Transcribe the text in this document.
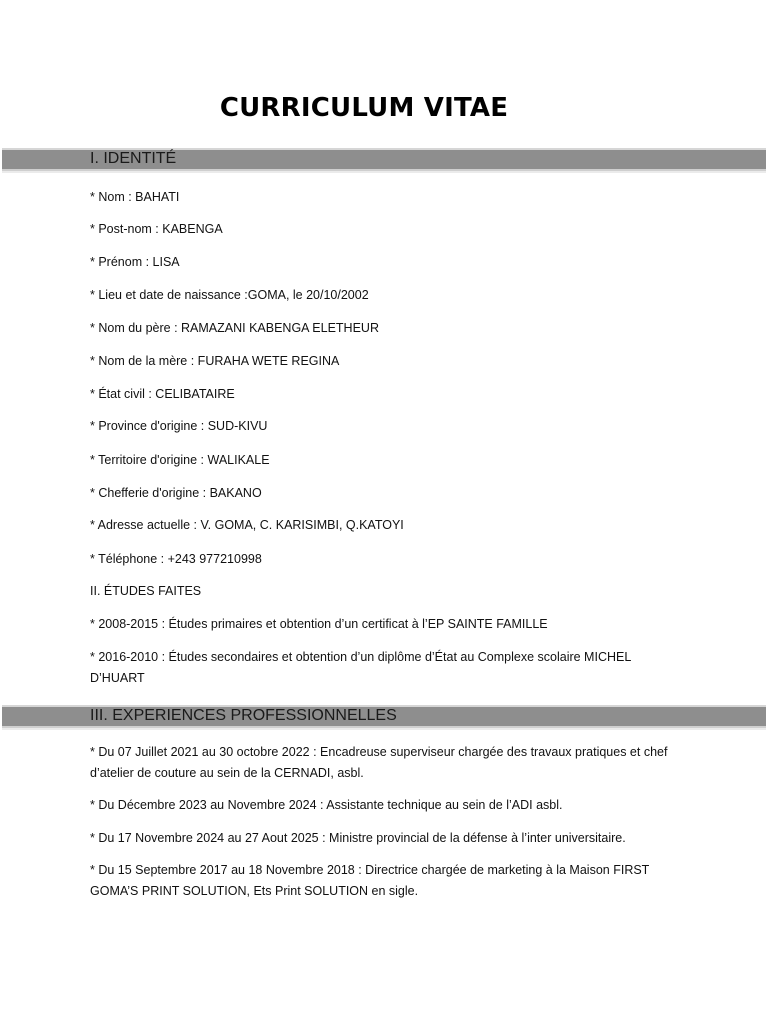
CURRICULUM VITAE
I. IDENTITÉ
* Nom : BAHATI
* Post-nom : KABENGA
* Prénom : LISA
* Lieu et date de naissance :GOMA, le 20/10/2002
* Nom du père : RAMAZANI KABENGA ELETHEUR
* Nom de la mère : FURAHA WETE REGINA
* État civil : CELIBATAIRE
* Province d'origine : SUD-KIVU
* Territoire d'origine : WALIKALE
* Chefferie d'origine : BAKANO
* Adresse actuelle : V. GOMA, C. KARISIMBI, Q.KATOYI
* Téléphone : +243 977210998
II. ÉTUDES FAITES
* 2008-2015 : Études primaires et obtention d’un certificat à l’EP SAINTE FAMILLE
* 2016-2010 : Études secondaires et obtention d’un diplôme d’État au Complexe scolaire MICHEL D’HUART
III. EXPERIENCES PROFESSIONNELLES
* Du 07 Juillet 2021 au 30 octobre 2022 : Encadreuse superviseur chargée des travaux pratiques et chef d’atelier de couture au sein de la CERNADI, asbl.
* Du Décembre 2023 au Novembre 2024 : Assistante technique au sein de l’ADI asbl.
* Du 17 Novembre 2024 au 27 Aout 2025 : Ministre provincial de la défense à l’inter universitaire.
* Du 15 Septembre 2017 au 18 Novembre 2018 : Directrice chargée de marketing à la Maison FIRST GOMA’S PRINT SOLUTION, Ets Print SOLUTION en sigle.
